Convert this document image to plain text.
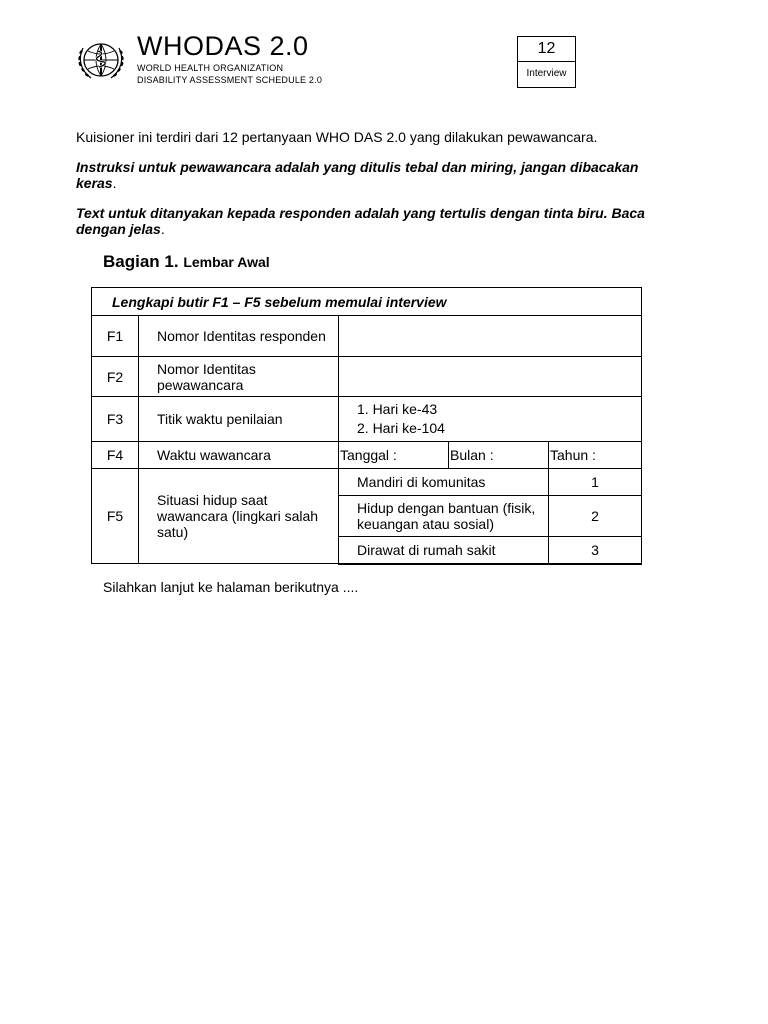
WHODAS 2.0
WORLD HEALTH ORGANIZATION
DISABILITY ASSESSMENT SCHEDULE 2.0
12
Interview
Kuisioner ini terdiri dari 12 pertanyaan WHO DAS 2.0 yang dilakukan pewawancara.
Instruksi untuk pewawancara adalah yang ditulis tebal dan miring, jangan dibacakan keras.
Text untuk ditanyakan kepada responden adalah yang tertulis dengan tinta biru. Baca dengan jelas.
Bagian 1. Lembar Awal
Lengkapi butir F1 – F5 sebelum memulai interview				
F1	Nomor Identitas responden			
F2	Nomor Identitas pewawancara			
F3	Titik waktu penilaian	1. Hari ke-43
2. Hari ke-104		

F4	Waktu wawancara	Tanggal :	Bulan :	Tahun :
F5	Situasi hidup saat wawancara (lingkari salah satu)	Mandiri di komunitas		1
		Hidup dengan bantuan (fisik, keuangan atau sosial)		2
		Dirawat di rumah sakit		3
Silahkan lanjut ke halaman berikutnya ....
